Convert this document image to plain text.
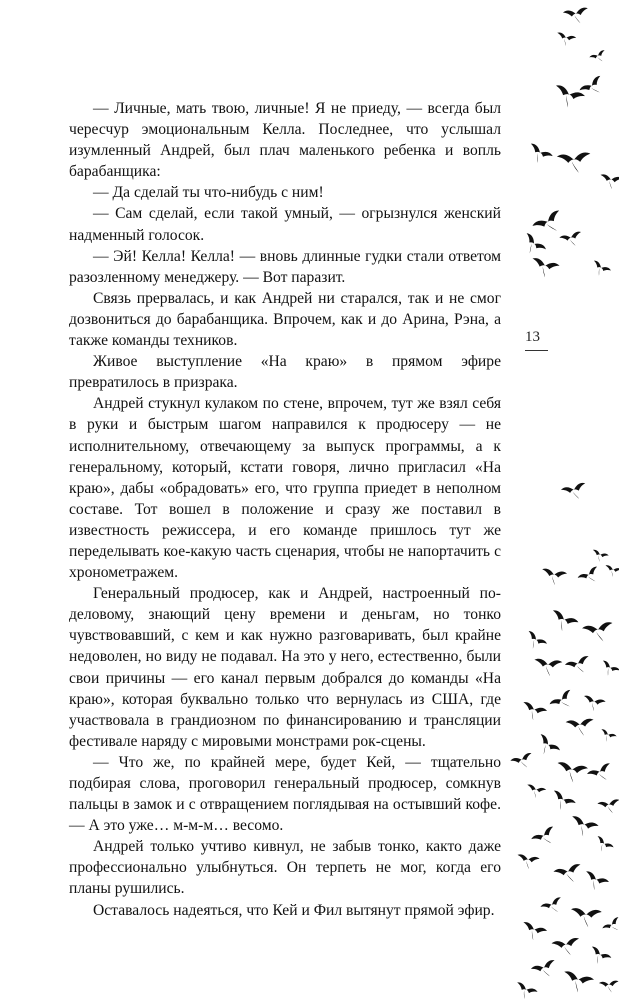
— Личные, мать твою, личные! Я не приеду, — всегда был чересчур эмоциональным Келла. Последнее, что услышал изумленный Андрей, был плач маленького ребенка и вопль барабанщика:

— Да сделай ты что-нибудь с ним!

— Сам сделай, если такой умный, — огрызнулся женский надменный голосок.

— Эй! Келла! Келла! — вновь длинные гудки стали ответом разозленному менеджеру. — Вот паразит.

Связь прервалась, и как Андрей ни старался, так и не смог дозвониться до барабанщика. Впрочем, как и до Арина, Рэна, а также команды техников.

Живое выступление «На краю» в прямом эфире превратилось в призрака.

Андрей стукнул кулаком по стене, впрочем, тут же взял себя в руки и быстрым шагом направился к продюсеру — не исполнительному, отвечающему за выпуск программы, а к генеральному, который, кстати говоря, лично пригласил «На краю», дабы «обрадовать» его, что группа приедет в неполном составе. Тот вошел в положение и сразу же поставил в известность режиссера, и его команде пришлось тут же переделывать кое-какую часть сценария, чтобы не напортачить с хронометражем.

Генеральный продюсер, как и Андрей, настроенный по-деловому, знающий цену времени и деньгам, но тонко чувствовавший, с кем и как нужно разговаривать, был крайне недоволен, но виду не подавал. На это у него, естественно, были свои причины — его канал первым добрался до команды «На краю», которая буквально только что вернулась из США, где участвовала в грандиозном по финансированию и трансляции фестивале наряду с мировыми монстрами рок-сцены.

— Что же, по крайней мере, будет Кей, — тщательно подбирая слова, проговорил генеральный продюсер, сомкнув пальцы в замок и с отвращением поглядывая на остывший кофе. — А это уже… м-м-м… весомо.

Андрей только учтиво кивнул, не забыв тонко, както даже профессионально улыбнуться. Он терпеть не мог, когда его планы рушились.

Оставалось надеяться, что Кей и Фил вытянут прямой эфир.

13
